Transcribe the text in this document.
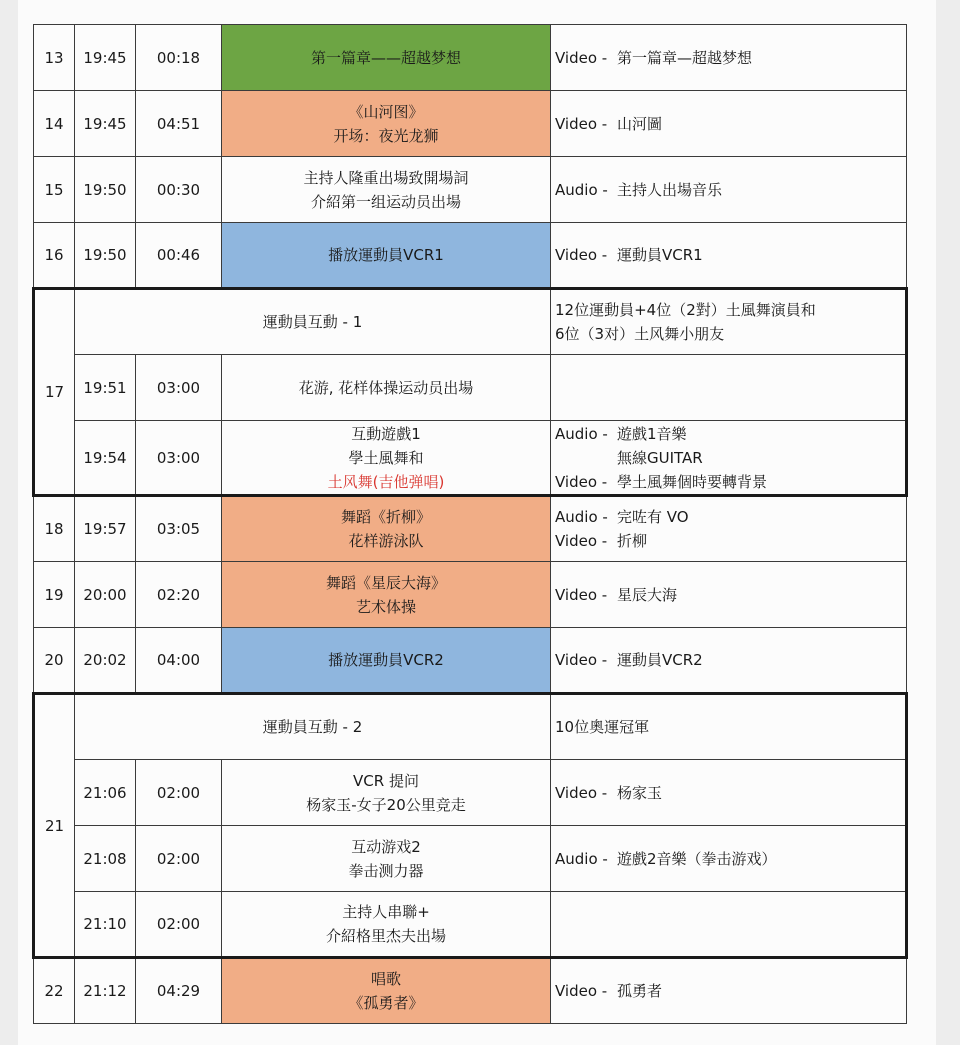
13	19:45	00:18	第一篇章——超越梦想	Video - 第一篇章—超越梦想

14	19:45	04:51	《山河图》
开场：夜光龙狮	Video - 山河圖

15	19:50	00:30	主持人隆重出場致開場詞
介紹第一组运动员出場	Audio - 主持人出場音乐

16	19:50	00:46	播放運動員VCR1	Video - 運動員VCR1

17	運動員互動 - 1			12位運動員+4位（2對）土風舞演員和
6位（3对）土风舞小朋友

	19:51	03:00	花游, 花样体操运动员出場	
	19:54	03:00	互動遊戲1
學土風舞和
土风舞(吉他弹唱)	Audio - 遊戲1音樂
無線GUITAR
Video - 學土風舞個時要轉背景

18	19:57	03:05	舞蹈《折柳》
花样游泳队	Audio - 完咗有 VO
Video - 折柳

19	20:00	02:20	舞蹈《星辰大海》
艺术体操	Video - 星辰大海

20	20:02	04:00	播放運動員VCR2	Video - 運動員VCR2

21	運動員互動 - 2			10位奧運冠軍
	21:06	02:00	VCR 提问
杨家玉-女子20公里竞走	Video - 杨家玉

	21:08	02:00	互动游戏2
拳击测力器	Audio - 遊戲2音樂（拳击游戏）

	21:10	02:00	主持人串聯+
介紹格里杰夫出場	

22	21:12	04:29	唱歌
《孤勇者》	Video - 孤勇者
